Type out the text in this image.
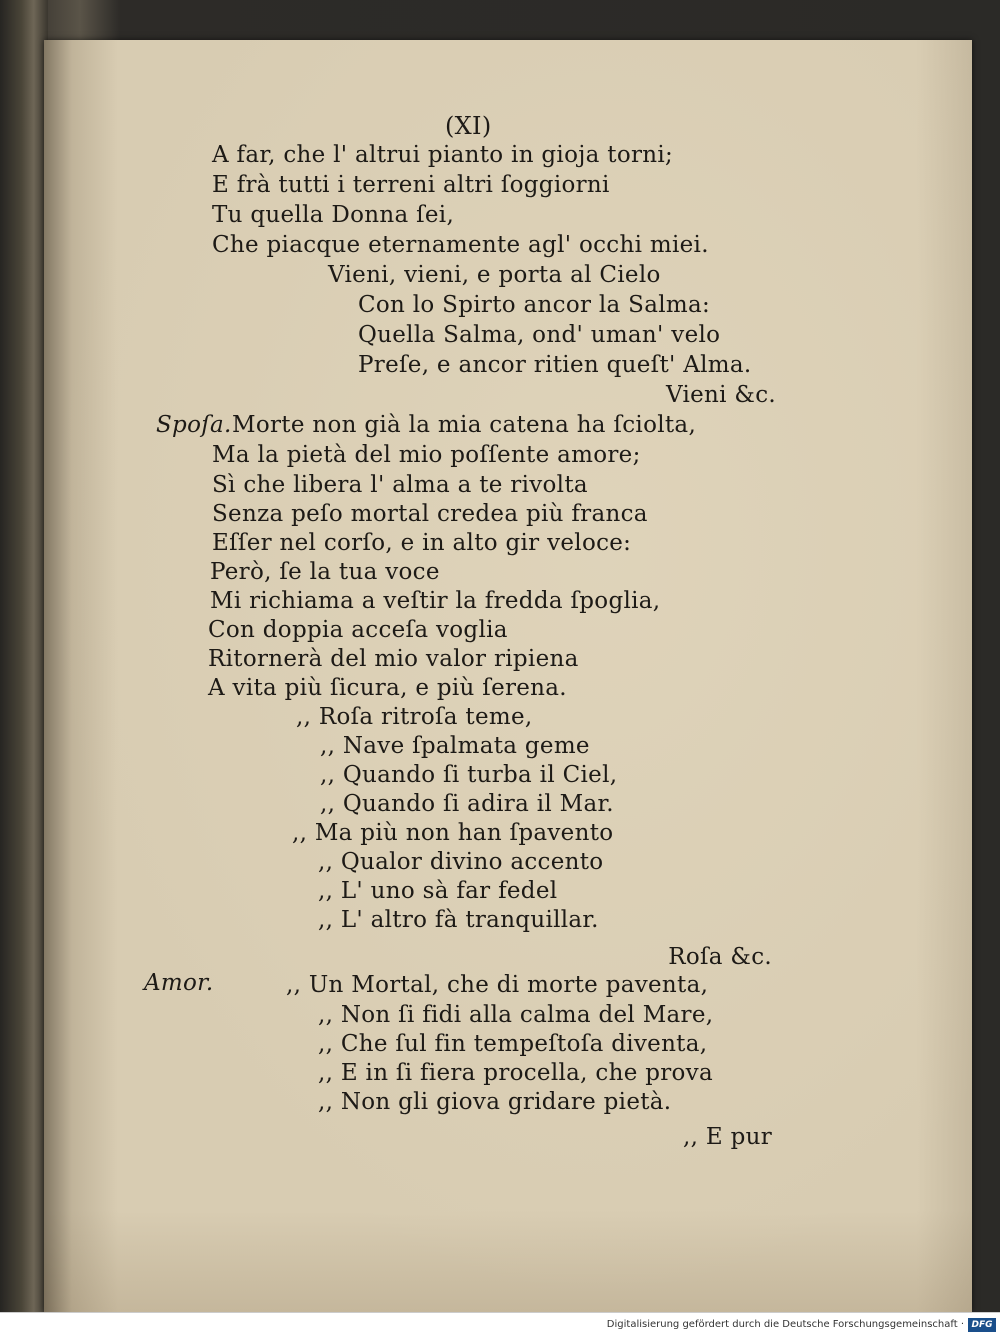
(XI)
A far, che l' altrui pianto in gioja torni;
E frà tutti i terreni altri ſoggiorni
Tu quella Donna ſei,
Che piacque eternamente agl' occhi miei.
Vieni, vieni, e porta al Cielo
Con lo Spirto ancor la Salma:
Quella Salma, ond' uman' velo
Preſe, e ancor ritien queſt' Alma.
Vieni &c.
Spoſa. Morte non già la mia catena ha ſciolta,
Ma la pietà del mio poſſente amore;
Sì che libera l' alma a te rivolta
Senza peſo mortal credea più franca
Eſſer nel corſo, e in alto gir veloce:
Però, ſe la tua voce
Mi richiama a veſtir la fredda ſpoglia,
Con doppia acceſa voglia
Ritornerà del mio valor ripiena
A vita più ſicura, e più ſerena.
,, Roſa ritroſa teme,
,, Nave ſpalmata geme
,, Quando ſi turba il Ciel,
,, Quando ſi adira il Mar.
,, Ma più non han ſpavento
,, Qualor divino accento
,, L' uno sà far fedel
,, L' altro fà tranquillar.
Roſa &c.
Amor.	,, Un Mortal, che di morte paventa,
,, Non ſi fidi alla calma del Mare,
,, Che ſul fin tempeſtoſa diventa,
,, E in ſi fiera procella, che prova
,, Non gli giova gridare pietà.
,, E pur
Digitalisierung gefördert durch die Deutsche Forschungsgemeinschaft · DFG
